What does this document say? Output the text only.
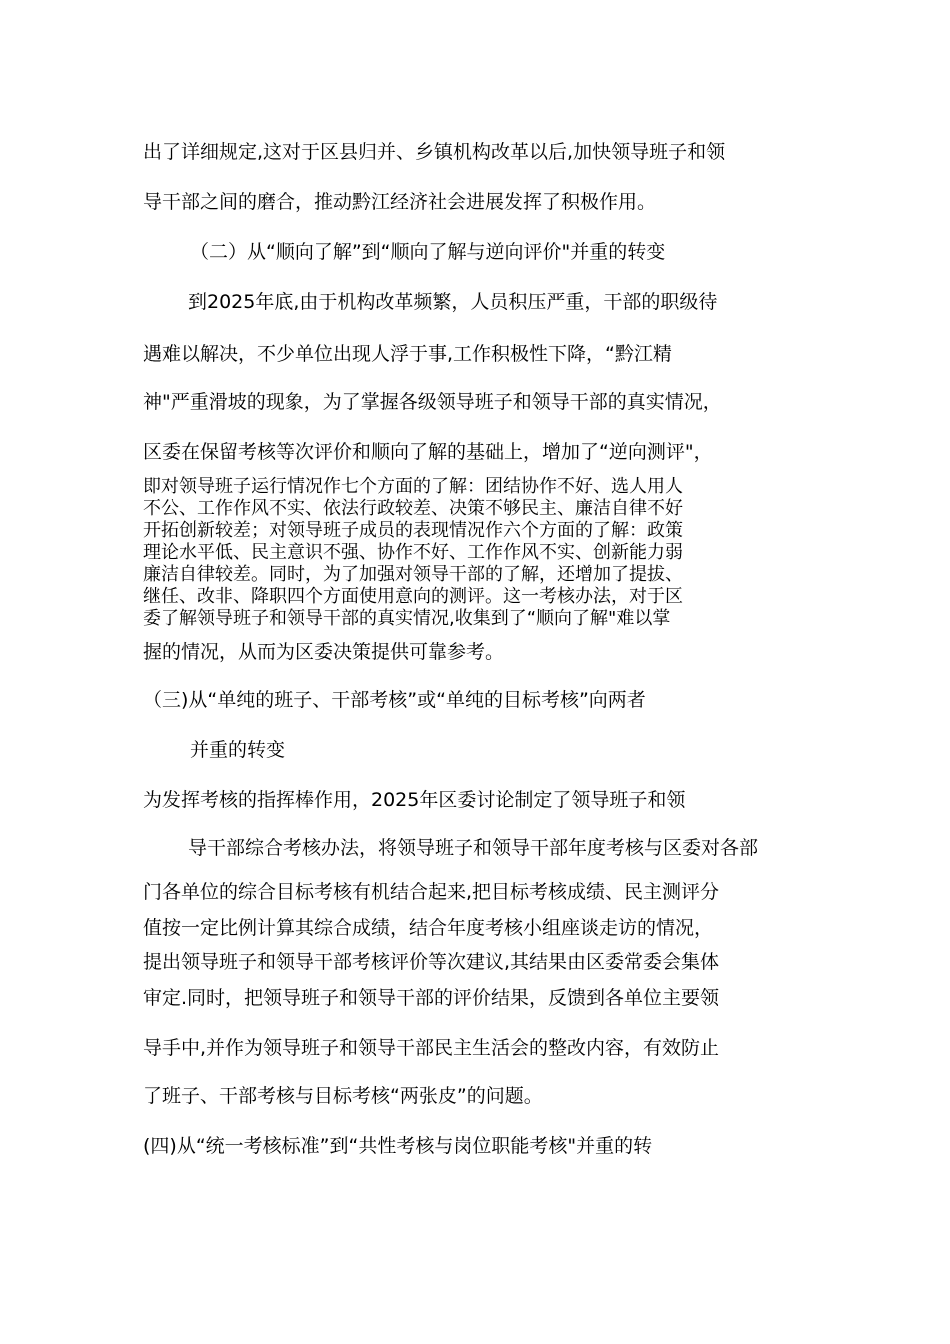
出了详细规定,这对于区县归并、乡镇机构改革以后,加快领导班子和领
导干部之间的磨合，推动黔江经济社会进展发挥了积极作用。
（二）从“顺向了解”到“顺向了解与逆向评价"并重的转变
到2025年底,由于机构改革频繁，人员积压严重，干部的职级待
遇难以解决，不少单位出现人浮于事,工作积极性下降，“黔江精
神"严重滑坡的现象，为了掌握各级领导班子和领导干部的真实情况，
区委在保留考核等次评价和顺向了解的基础上，增加了“逆向测评"，
即对领导班子运行情况作七个方面的了解：团结协作不好、选人用人
不公、工作作风不实、依法行政较差、决策不够民主、廉洁自律不好
开拓创新较差；对领导班子成员的表现情况作六个方面的了解：政策
理论水平低、民主意识不强、协作不好、工作作风不实、创新能力弱
廉洁自律较差。同时，为了加强对领导干部的了解，还增加了提拔、
继任、改非、降职四个方面使用意向的测评。这一考核办法，对于区
委了解领导班子和领导干部的真实情况,收集到了“顺向了解"难以掌
握的情况，从而为区委决策提供可靠参考。
（三)从“单纯的班子、干部考核”或“单纯的目标考核”向两者
并重的转变
为发挥考核的指挥棒作用，2025年区委讨论制定了领导班子和领
导干部综合考核办法，将领导班子和领导干部年度考核与区委对各部
门各单位的综合目标考核有机结合起来,把目标考核成绩、民主测评分
值按一定比例计算其综合成绩，结合年度考核小组座谈走访的情况，
提出领导班子和领导干部考核评价等次建议,其结果由区委常委会集体
审定.同时，把领导班子和领导干部的评价结果，反馈到各单位主要领
导手中,并作为领导班子和领导干部民主生活会的整改内容，有效防止
了班子、干部考核与目标考核“两张皮”的问题。
(四)从“统一考核标准”到“共性考核与岗位职能考核"并重的转
